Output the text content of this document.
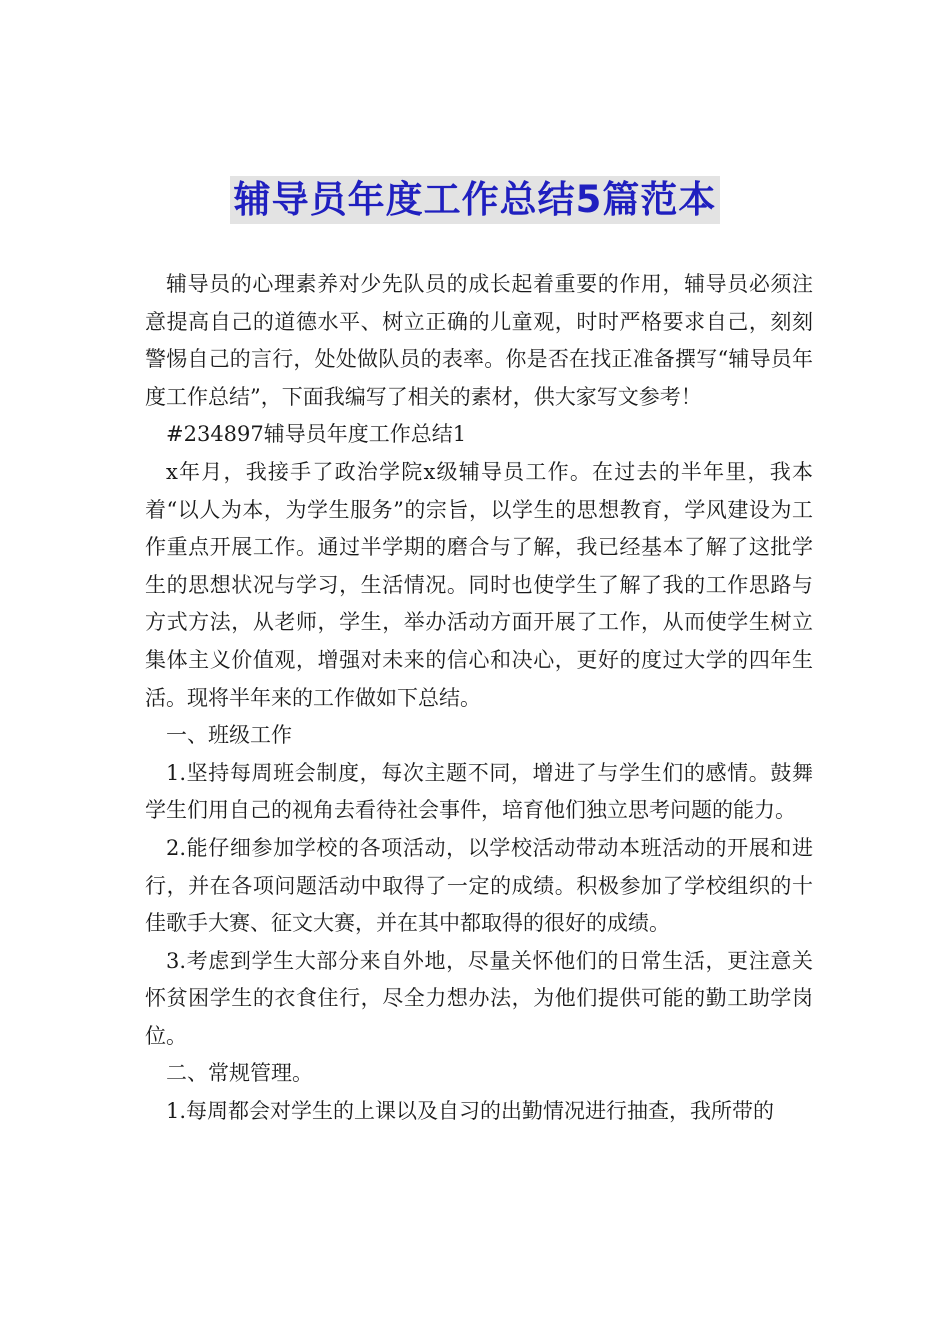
辅导员年度工作总结5篇范本

辅导员的心理素养对少先队员的成长起着重要的作用，辅导员必须注意提高自己的道德水平、树立正确的儿童观，时时严格要求自己，刻刻警惕自己的言行，处处做队员的表率。你是否在找正准备撰写“辅导员年度工作总结”，下面我编写了相关的素材，供大家写文参考！

#234897辅导员年度工作总结1

x年月，我接手了政治学院x级辅导员工作。在过去的半年里，我本着“以人为本，为学生服务”的宗旨，以学生的思想教育，学风建设为工作重点开展工作。通过半学期的磨合与了解，我已经基本了解了这批学生的思想状况与学习，生活情况。同时也使学生了解了我的工作思路与方式方法，从老师，学生，举办活动方面开展了工作，从而使学生树立集体主义价值观，增强对未来的信心和决心，更好的度过大学的四年生活。现将半年来的工作做如下总结。

一、班级工作

1.坚持每周班会制度，每次主题不同，增进了与学生们的感情。鼓舞学生们用自己的视角去看待社会事件，培育他们独立思考问题的能力。

2.能仔细参加学校的各项活动，以学校活动带动本班活动的开展和进行，并在各项问题活动中取得了一定的成绩。积极参加了学校组织的十佳歌手大赛、征文大赛，并在其中都取得的很好的成绩。

3.考虑到学生大部分来自外地，尽量关怀他们的日常生活，更注意关怀贫困学生的衣食住行，尽全力想办法，为他们提供可能的勤工助学岗位。

二、常规管理。

1.每周都会对学生的上课以及自习的出勤情况进行抽查，我所带的
